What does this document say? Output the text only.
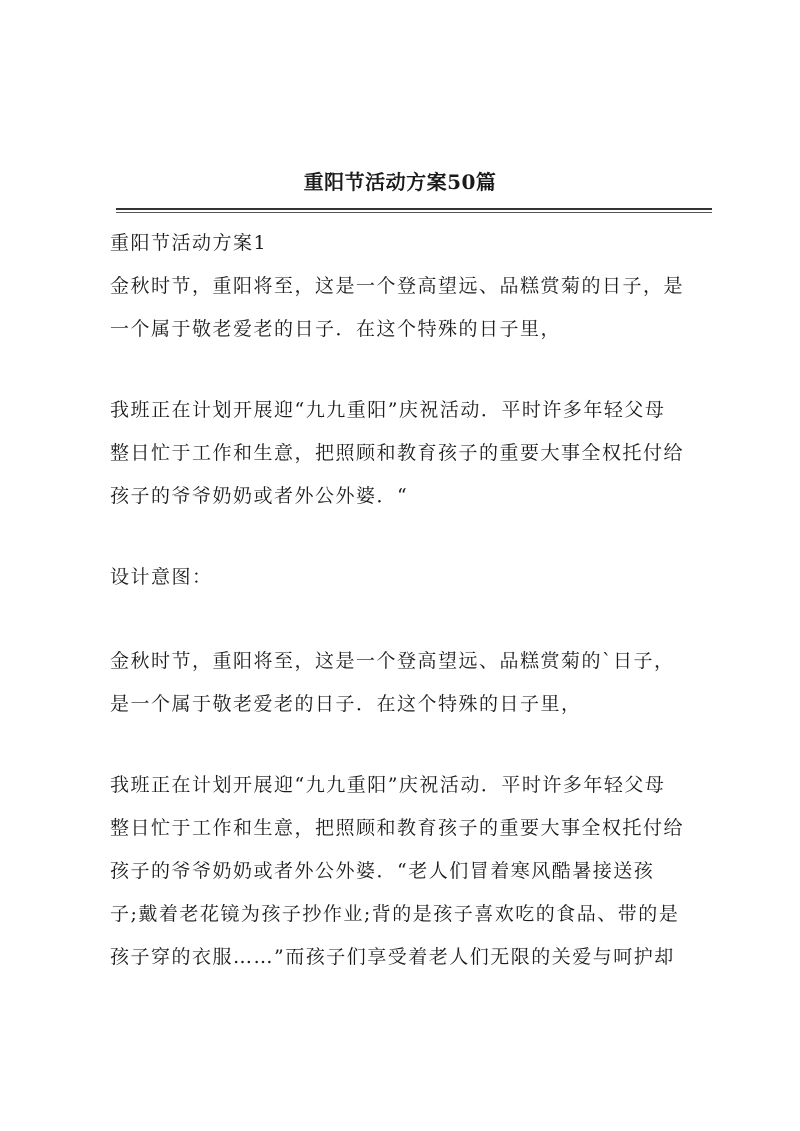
重阳节活动方案50篇
重阳节活动方案1
金秋时节，重阳将至，这是一个登高望远、品糕赏菊的日子，是
一个属于敬老爱老的日子．在这个特殊的日子里，
我班正在计划开展迎“九九重阳”庆祝活动．平时许多年轻父母
整日忙于工作和生意，把照顾和教育孩子的重要大事全权托付给
孩子的爷爷奶奶或者外公外婆．“
设计意图：
金秋时节，重阳将至，这是一个登高望远、品糕赏菊的`日子，
是一个属于敬老爱老的日子．在这个特殊的日子里，
我班正在计划开展迎“九九重阳”庆祝活动．平时许多年轻父母
整日忙于工作和生意，把照顾和教育孩子的重要大事全权托付给
孩子的爷爷奶奶或者外公外婆．“老人们冒着寒风酷暑接送孩
子;戴着老花镜为孩子抄作业;背的是孩子喜欢吃的食品、带的是
孩子穿的衣服……”而孩子们享受着老人们无限的关爱与呵护却
